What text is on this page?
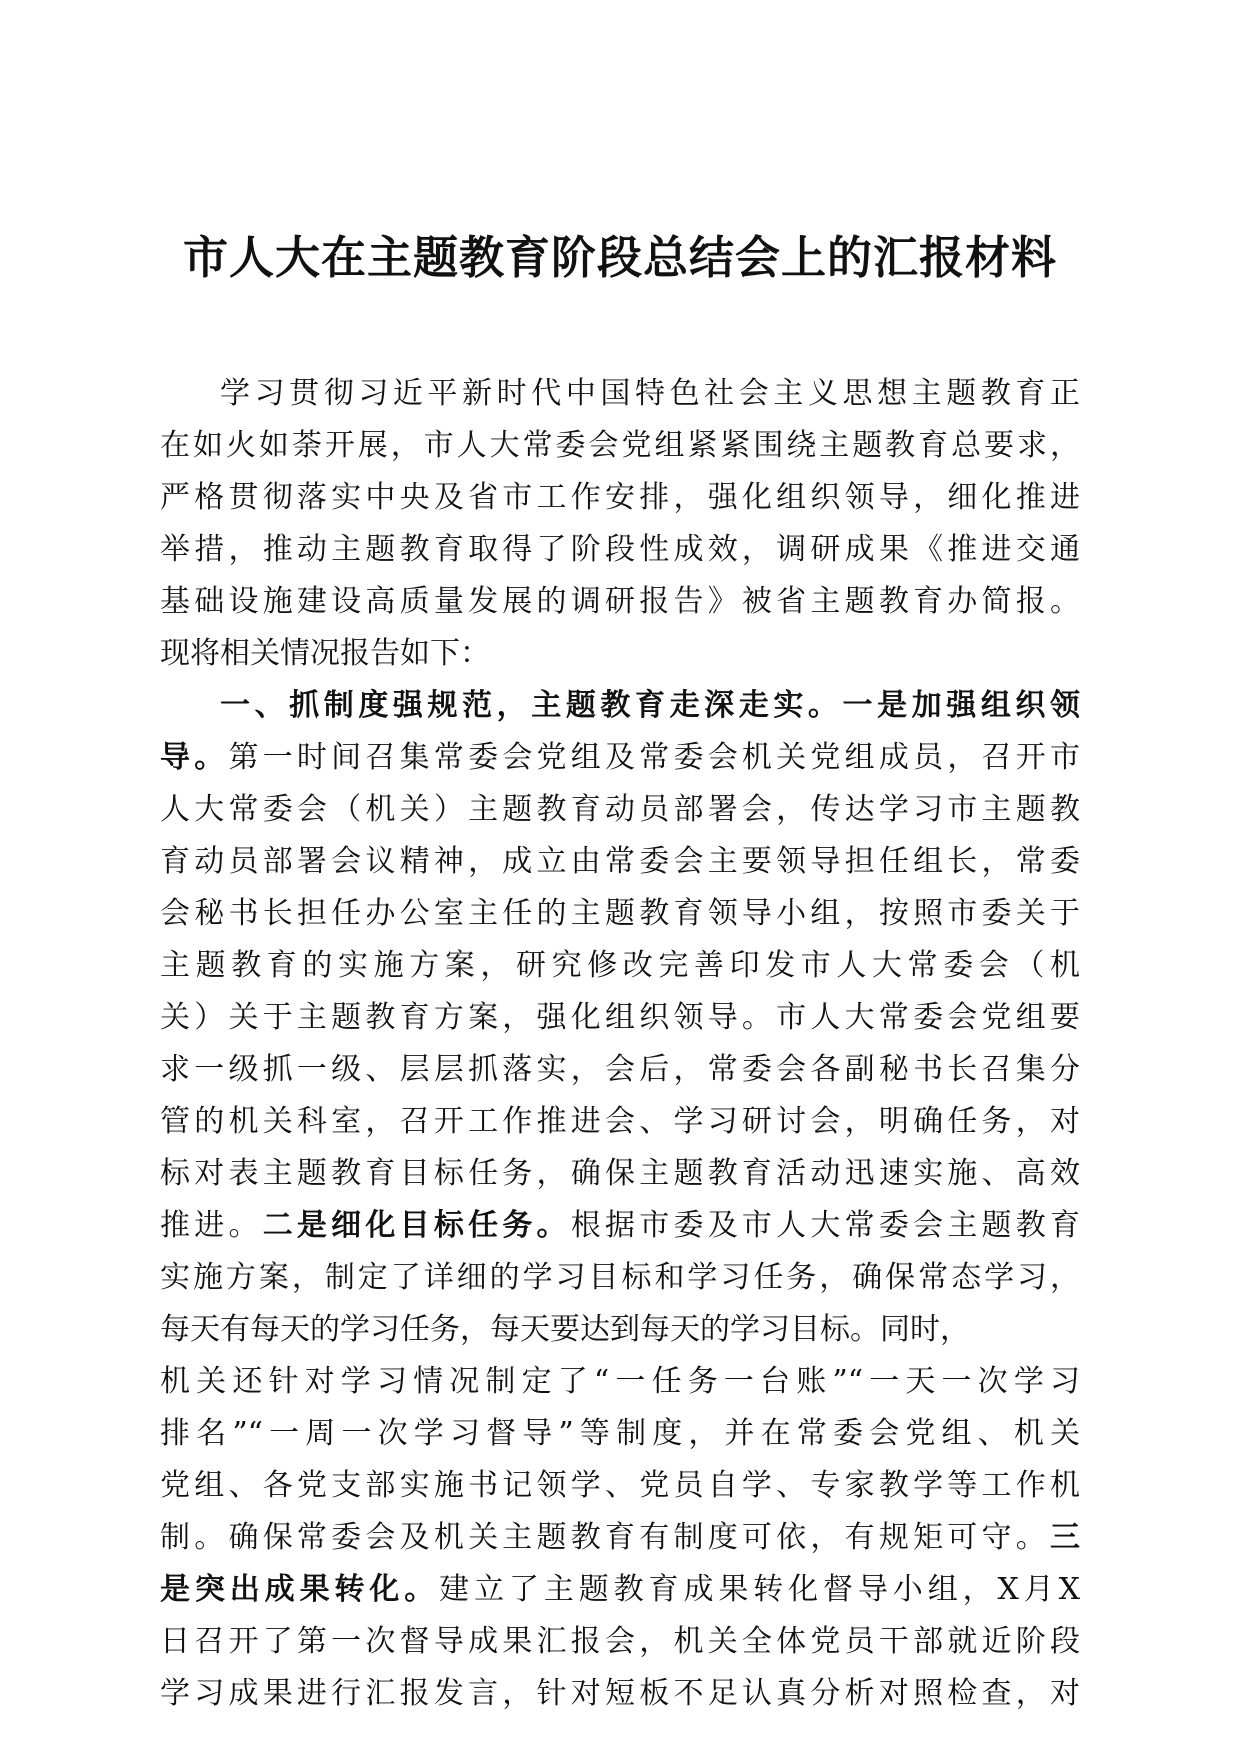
市人大在主题教育阶段总结会上的汇报材料
学习贯彻习近平新时代中国特色社会主义思想主题教育正
在如火如荼开展，市人大常委会党组紧紧围绕主题教育总要求，
严格贯彻落实中央及省市工作安排，强化组织领导，细化推进
举措，推动主题教育取得了阶段性成效，调研成果《推进交通
基础设施建设高质量发展的调研报告》被省主题教育办简报。
现将相关情况报告如下：
一、抓制度强规范，主题教育走深走实。一是加强组织领
导。第一时间召集常委会党组及常委会机关党组成员，召开市
人大常委会（机关）主题教育动员部署会，传达学习市主题教
育动员部署会议精神，成立由常委会主要领导担任组长，常委
会秘书长担任办公室主任的主题教育领导小组，按照市委关于
主题教育的实施方案，研究修改完善印发市人大常委会（机
关）关于主题教育方案，强化组织领导。市人大常委会党组要
求一级抓一级、层层抓落实，会后，常委会各副秘书长召集分
管的机关科室，召开工作推进会、学习研讨会，明确任务，对
标对表主题教育目标任务，确保主题教育活动迅速实施、高效
推进。二是细化目标任务。根据市委及市人大常委会主题教育
实施方案，制定了详细的学习目标和学习任务，确保常态学习，
每天有每天的学习任务，每天要达到每天的学习目标。同时，
机关还针对学习情况制定了“一任务一台账”“一天一次学习
排名”“一周一次学习督导”等制度，并在常委会党组、机关
党组、各党支部实施书记领学、党员自学、专家教学等工作机
制。确保常委会及机关主题教育有制度可依，有规矩可守。三
是突出成果转化。建立了主题教育成果转化督导小组，X月X
日召开了第一次督导成果汇报会，机关全体党员干部就近阶段
学习成果进行汇报发言，针对短板不足认真分析对照检查，对
